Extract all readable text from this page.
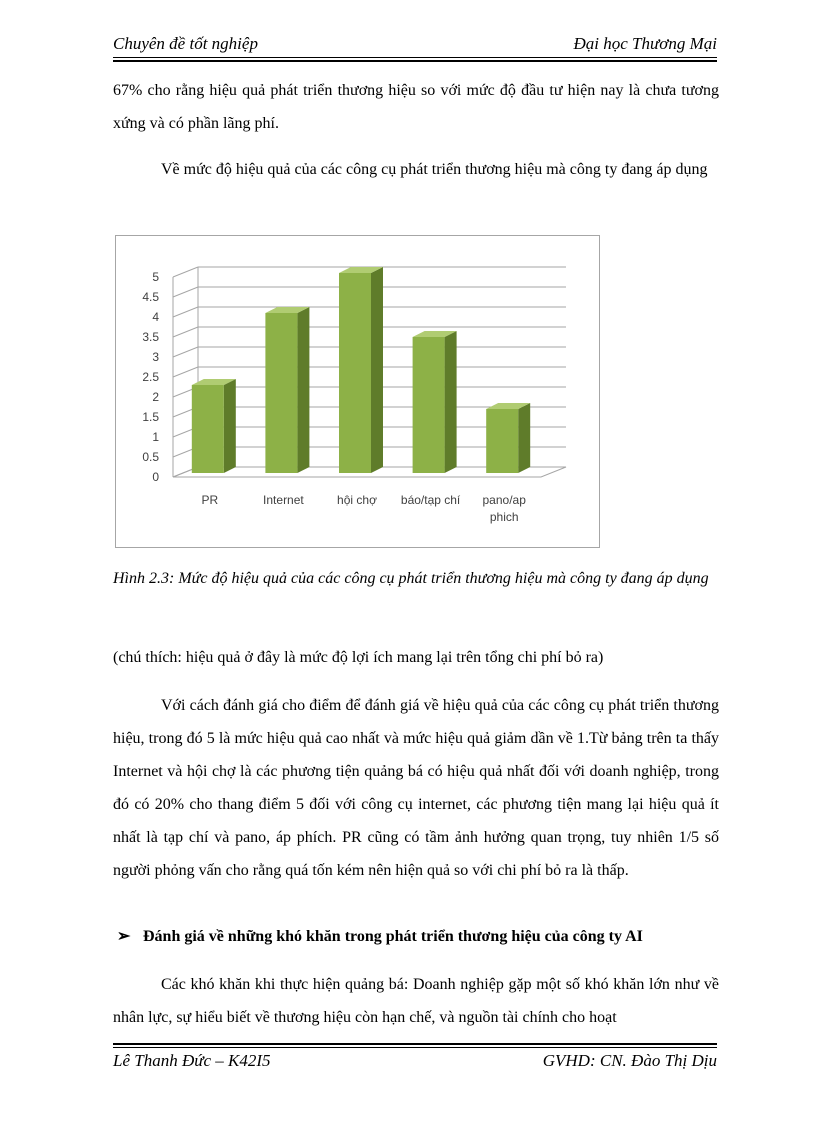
Chuyên đề tốt nghiệp	Đại học Thương Mại
67% cho rằng hiệu quả phát triển thương hiệu so với mức độ đầu tư hiện nay là chưa tương xứng và có phần lãng phí.
Về mức độ hiệu quả của các công cụ phát triển thương hiệu mà công ty đang áp dụng
0
0.5
1
1.5
2
2.5
3
3.5
4
4.5
5
PR	Internet	hội chợ báo/tạp chí pano/ap
phich
Hình 2.3: Mức độ hiệu quả của các công cụ phát triển thương hiệu mà công ty đang áp dụng
(chú thích: hiệu quả ở đây là mức độ lợi ích mang lại trên tổng chi phí bỏ ra)
Với cách đánh giá cho điểm để đánh giá về hiệu quả của các công cụ phát triển thương hiệu, trong đó 5 là mức hiệu quả cao nhất và mức hiệu quả giảm dần về 1.Từ bảng trên ta thấy Internet và hội chợ là các phương tiện quảng bá có hiệu quả nhất đối với doanh nghiệp, trong đó có 20% cho thang điểm 5 đối với công cụ internet, các phương tiện mang lại hiệu quả ít nhất là tạp chí và pano, áp phích. PR cũng có tầm ảnh hưởng quan trọng, tuy nhiên 1/5 số người phỏng vấn cho rằng quá tốn kém nên hiện quả so với chi phí bỏ ra là thấp.
➢ Đánh giá về những khó khăn trong phát triển thương hiệu của công ty AI
Các khó khăn khi thực hiện quảng bá: Doanh nghiệp gặp một số khó khăn lớn như về nhân lực, sự hiểu biết về thương hiệu còn hạn chế, và nguồn tài chính cho hoạt
Lê Thanh Đức – K42I5	GVHD: CN. Đào Thị Dịu
